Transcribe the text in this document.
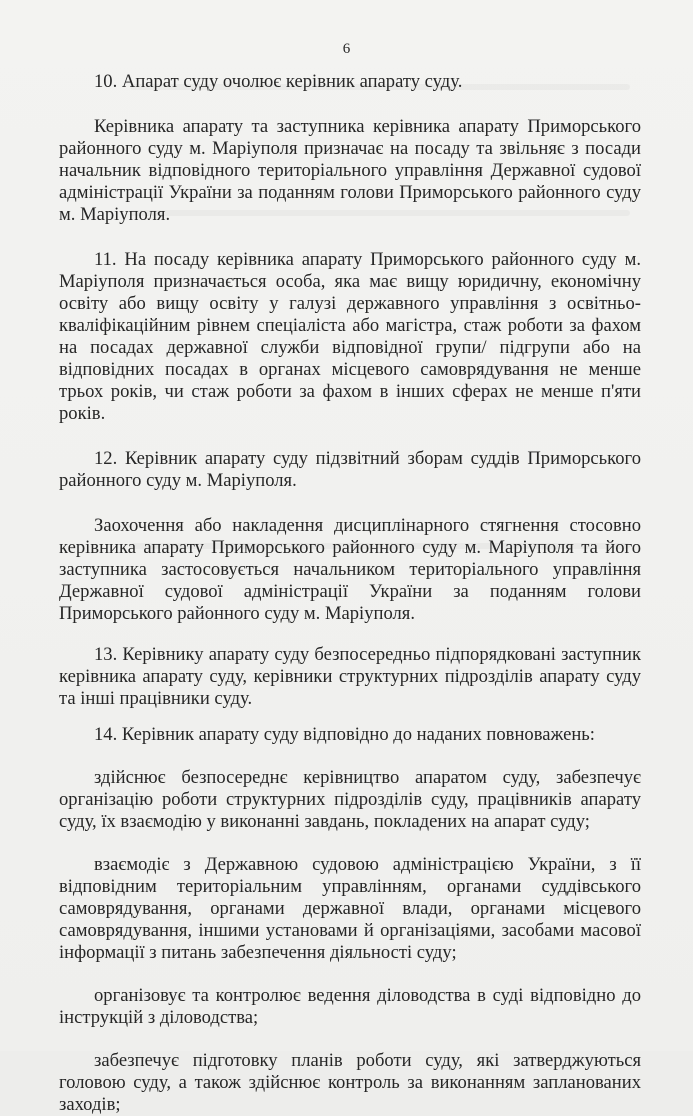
6

10. Апарат суду очолює керівник апарату суду.

Керівника апарату та заступника керівника апарату Приморського районного суду м. Маріуполя призначає на посаду та звільняє з посади начальник відповідного територіального управління Державної судової адміністрації України за поданням голови Приморського районного суду м. Маріуполя.

11. На посаду керівника апарату Приморського районного суду м. Маріуполя призначається особа, яка має вищу юридичну, економічну освіту або вищу освіту у галузі державного управління з освітньо-кваліфікаційним рівнем спеціаліста або магістра, стаж роботи за фахом на посадах державної служби відповідної групи/ підгрупи або на відповідних посадах в органах місцевого самоврядування не менше трьох років, чи стаж роботи за фахом в інших сферах не менше п'яти років.

12. Керівник апарату суду підзвітний зборам суддів Приморського районного суду м. Маріуполя.

Заохочення або накладення дисциплінарного стягнення стосовно керівника апарату Приморського районного суду м. Маріуполя та його заступника застосовується начальником територіального управління Державної судової адміністрації України за поданням голови Приморського районного суду м. Маріуполя.

13. Керівнику апарату суду безпосередньо підпорядковані заступник керівника апарату суду, керівники структурних підрозділів апарату суду та інші працівники суду.

14. Керівник апарату суду відповідно до наданих повноважень:

здійснює безпосереднє керівництво апаратом суду, забезпечує організацію роботи структурних підрозділів суду, працівників апарату суду, їх взаємодію у виконанні завдань, покладених на апарат суду;

взаємодіє з Державною судовою адміністрацією України, з її відповідним територіальним управлінням, органами суддівського самоврядування, органами державної влади, органами місцевого самоврядування, іншими установами й організаціями, засобами масової інформації з питань забезпечення діяльності суду;

організовує та контролює ведення діловодства в суді відповідно до інструкцій з діловодства;

забезпечує підготовку планів роботи суду, які затверджуються головою суду, а також здійснює контроль за виконанням запланованих заходів;
